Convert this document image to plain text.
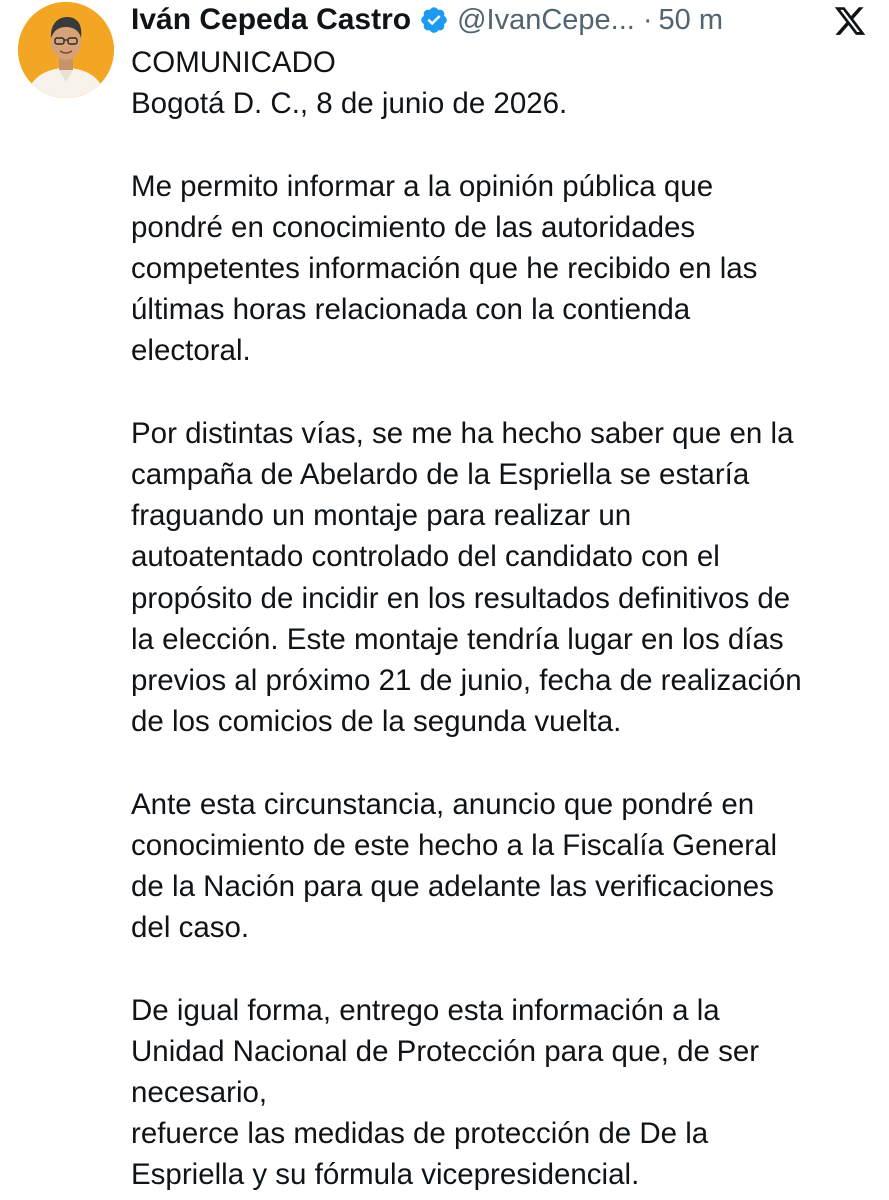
Iván Cepeda Castro @IvanCepe... · 50 m

COMUNICADO
Bogotá D. C., 8 de junio de 2026.

Me permito informar a la opinión pública que
pondré en conocimiento de las autoridades
competentes información que he recibido en las
últimas horas relacionada con la contienda
electoral.

Por distintas vías, se me ha hecho saber que en la
campaña de Abelardo de la Espriella se estaría
fraguando un montaje para realizar un
autoatentado controlado del candidato con el
propósito de incidir en los resultados definitivos de
la elección. Este montaje tendría lugar en los días
previos al próximo 21 de junio, fecha de realización
de los comicios de la segunda vuelta.

Ante esta circunstancia, anuncio que pondré en
conocimiento de este hecho a la Fiscalía General
de la Nación para que adelante las verificaciones
del caso.

De igual forma, entrego esta información a la
Unidad Nacional de Protección para que, de ser
necesario,
refuerce las medidas de protección de De la
Espriella y su fórmula vicepresidencial.
